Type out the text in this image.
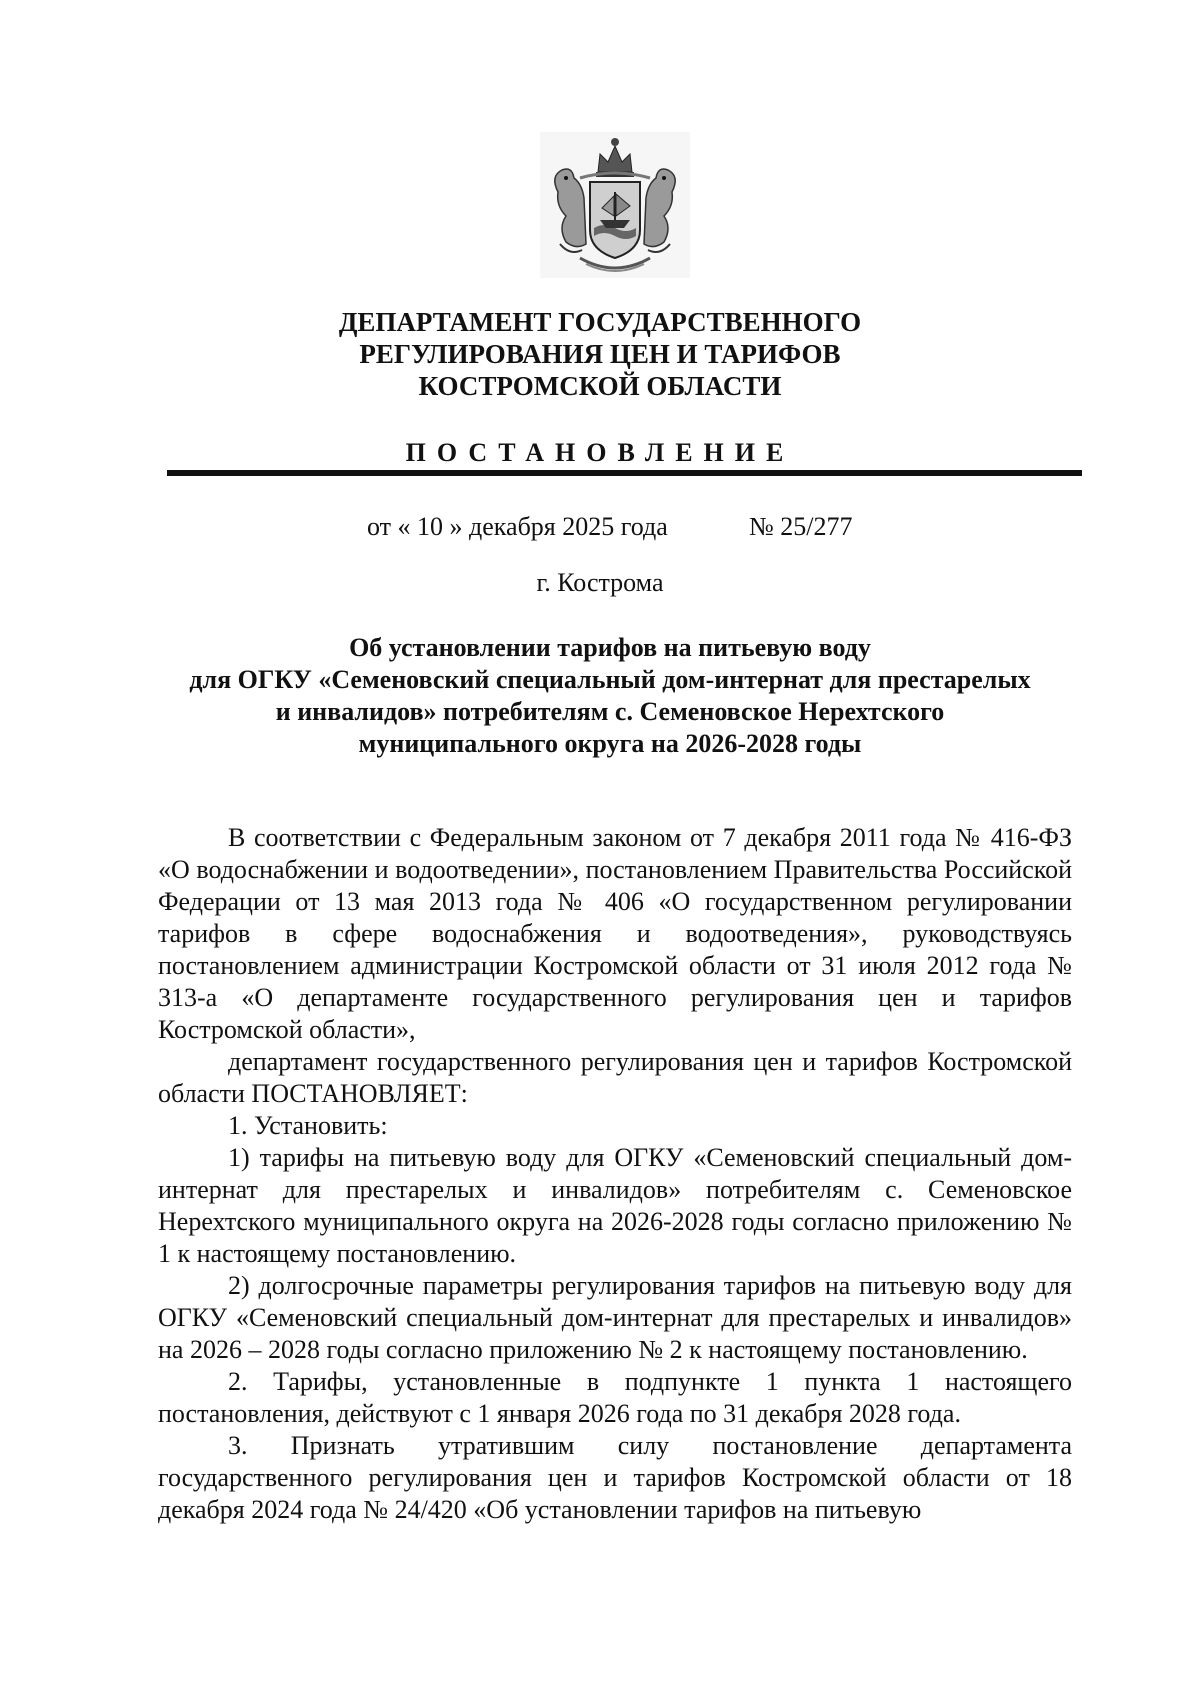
ДЕПАРТАМЕНТ ГОСУДАРСТВЕННОГО
РЕГУЛИРОВАНИЯ ЦЕН И ТАРИФОВ
КОСТРОМСКОЙ ОБЛАСТИ
ПОСТАНОВЛЕНИЕ
от « 10 » декабря 2025 года	№ 25/277
г. Кострома
Об установлении тарифов на питьевую воду
для ОГКУ «Семеновский специальный дом-интернат для престарелых
и инвалидов» потребителям с. Семеновское Нерехтского
муниципального округа на 2026-2028 годы

В соответствии с Федеральным законом от 7 декабря 2011 года № 416-ФЗ «О водоснабжении и водоотведении», постановлением Правительства Российской Федерации от 13 мая 2013 года № 406 «О государственном регулировании тарифов в сфере водоснабжения и водоотведения», руководствуясь постановлением администрации Костромской области от 31 июля 2012 года № 313-а «О департаменте государственного регулирования цен и тарифов Костромской области»,

департамент государственного регулирования цен и тарифов Костромской области ПОСТАНОВЛЯЕТ:

1. Установить:

1) тарифы на питьевую воду для ОГКУ «Семеновский специальный дом-интернат для престарелых и инвалидов» потребителям с. Семеновское Нерехтского муниципального округа на 2026-2028 годы согласно приложению № 1 к настоящему постановлению.

2) долгосрочные параметры регулирования тарифов на питьевую воду для ОГКУ «Семеновский специальный дом-интернат для престарелых и инвалидов» на 2026 – 2028 годы согласно приложению № 2 к настоящему постановлению.

2. Тарифы, установленные в подпункте 1 пункта 1 настоящего постановления, действуют с 1 января 2026 года по 31 декабря 2028 года.

3. Признать утратившим силу постановление департамента государственного регулирования цен и тарифов Костромской области от 18 декабря 2024 года № 24/420 «Об установлении тарифов на питьевую
